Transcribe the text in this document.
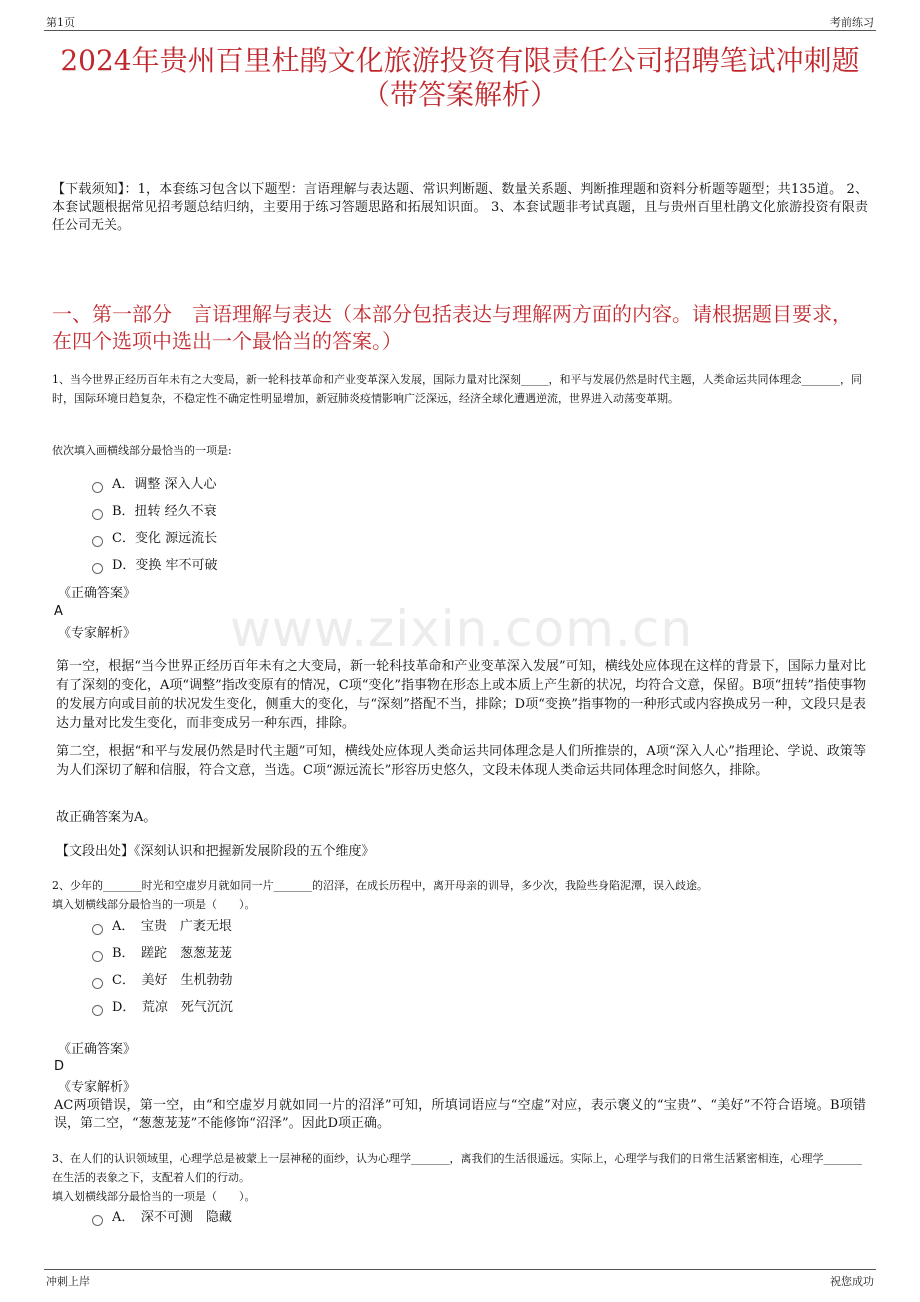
第1页	考前练习
www.zixin.com.cn
2024年贵州百里杜鹃文化旅游投资有限责任公司招聘笔试冲刺题（带答案解析）
【下载须知】：1，本套练习包含以下题型：言语理解与表达题、常识判断题、数量关系题、判断推理题和资料分析题等题型；共135道。 2、本套试题根据常见招考题总结归纳，主要用于练习答题思路和拓展知识面。 3、本套试题非考试真题，且与贵州百里杜鹃文化旅游投资有限责任公司无关。
一、第一部分　言语理解与表达（本部分包括表达与理解两方面的内容。请根据题目要求，在四个选项中选出一个最恰当的答案。）
1、当今世界正经历百年未有之大变局，新一轮科技革命和产业变革深入发展，国际力量对比深刻_____，和平与发展仍然是时代主题，人类命运共同体理念_______，同时，国际环境日趋复杂，不稳定性不确定性明显增加，新冠肺炎疫情影响广泛深远，经济全球化遭遇逆流，世界进入动荡变革期。
依次填入画横线部分最恰当的一项是:
A．调整 深入人心
B．扭转 经久不衰
C．变化 源远流长
D．变换 牢不可破
《正确答案》
A
《专家解析》
第一空，根据“当今世界正经历百年未有之大变局，新一轮科技革命和产业变革深入发展”可知，横线处应体现在这样的背景下，国际力量对比有了深刻的变化，A项“调整”指改变原有的情况，C项“变化”指事物在形态上或本质上产生新的状况，均符合文意，保留。B项“扭转”指使事物的发展方向或目前的状况发生变化，侧重大的变化，与“深刻”搭配不当，排除；D项“变换”指事物的一种形式或内容换成另一种，文段只是表达力量对比发生变化，而非变成另一种东西，排除。
第二空，根据“和平与发展仍然是时代主题”可知，横线处应体现人类命运共同体理念是人们所推崇的，A项“深入人心”指理论、学说、政策等为人们深切了解和信服，符合文意，当选。C项“源远流长”形容历史悠久，文段未体现人类命运共同体理念时间悠久，排除。
故正确答案为A。
【文段出处】《深刻认识和把握新发展阶段的五个维度》
2、少年的_______时光和空虚岁月就如同一片_______的沼泽，在成长历程中，离开母亲的训导，多少次，我险些身陷泥潭，误入歧途。
填入划横线部分最恰当的一项是（　　）。
A．　宝贵　广袤无垠
B．　蹉跎　葱葱茏茏
C．　美好　生机勃勃
D．　荒凉　死气沉沉
《正确答案》
D
《专家解析》
AC两项错误，第一空，由“和空虚岁月就如同一片的沼泽”可知，所填词语应与“空虚”对应，表示褒义的“宝贵”、“美好”不符合语境。B项错误，第二空，“葱葱茏茏”不能修饰“沼泽”。因此D项正确。
3、在人们的认识领域里，心理学总是被蒙上一层神秘的面纱，认为心理学_______，离我们的生活很遥远。实际上，心理学与我们的日常生活紧密相连，心理学_______在生活的表象之下，支配着人们的行动。
填入划横线部分最恰当的一项是（　　）。
A．　深不可测　隐藏
冲刺上岸	祝您成功
